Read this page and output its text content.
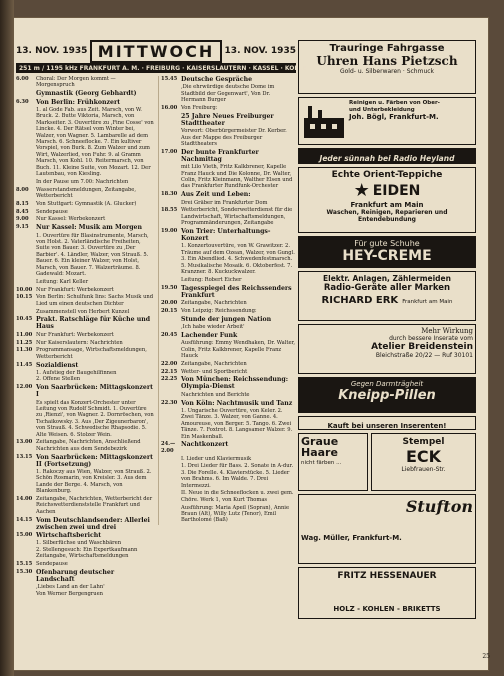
13. NOV. 1935 MITTWOCH	13. NOV. 1935
251 m / 1195 kHz FRANKFURT A. M. · FREIBURG · KAISERSLAUTERN · KASSEL · KOBLENZ · TRIER
6.00	Choral: Der Morgen kommt — Morgenspruch
Gymnastik (Georg Gebhardt)
6.30	Von Berlin: Frühkonzert
1. al Gode Fab. aus Zeit. Marsch, von W. Bruck. 2. Butte Viktoria, Marsch, von Markseiter. 3. Ouvertüre zu ‚Fine Cosse' von Lincke. 4. Der Rätsel vom Winter bei, Walzer, von Wagner. 5. Lambarelle ad dem Marsch. 6. Schneeflocke. 7. Ein kultiver Vorspiel, von Burk. 8. Zum Walzer und zum Wirt, Walzerlied, von Fuhr. 9. al Gramm Marsch, von Kohl. 10. Reitermarsch, von Buch. 11. Kleine Suite, von Mozart. 12. Der Lautenbau, von Kiesling.
In der Pause um 7.00: Nachrichten
8.00	Wasserstandsmeldungen, Zeitangabe, Wetterbericht
8.15	Von Stuttgart: Gymnastik (A. Glucker)
8.45	Sendepause
9.00	Nur Kassel: Werbekonzert
9.15	Nur Kassel: Musik am Morgen
1. Ouvertüre für Blasinstrumente, Marsch, von Holst. 2. Vaterländische Freiheiten, Suite von Bauer. 3. Ouvertüre zu ‚Der Barbier'. 4. Ländler, Walzer, von Strauß. 5. Bauer. 6. Ein kleiner Walzer, von Holst, Marsch, von Bauer. 7. Walzerträume. 8. Gadewald: Mozart.
Leitung: Karl Keller
10.00 Nur Frankfurt: Werbekonzert
10.15 Von Berlin: Schulfunk Iins: Sachs Musik und Lied um einen deutschen Dichter
Zusammenstell von Herbert Kunzel
10.45 Prakt. Ratschläge für Küche und Haus
11.00 Nur Frankfurt: Werbekonzert
11.25 Nur Kaiserslautern: Nachrichten
11.30 Programmansage, Wirtschaftsmeldungen, Wetterbericht
11.45 Sozialdienst
1. Aufstieg der Baugehilfinnen
2. Offene Stellen
12.00 Von Saarbrücken: Mittagskonzert I
Es spielt das Konzert-Orchester unter Leitung von Rudolf Schmidt. 1. Ouvertüre zu ‚Rienzi', von Wagner. 2. Dornröschen, von Tschaikowsky. 3. Aus ‚Der Zigeunerbaron', von Strauß. 4. Schwedische Rhapsodie. 5. Alte Weisen. 6. Stolzer Wein.
13.00 Zeitangabe, Nachrichten, Anschließend Nachrichten aus dem Sendebezirk
13.15 Von Saarbrücken: Mittagskonzert II (Fortsetzung)
1. Rakoczy aus Wien, Walzer, von Strauß. 2. Schön Rosmarin, von Kreisler. 3. Aus dem Lande der Berge. 4. Marsch, von Blankenburg.
14.00 Zeitangabe, Nachrichten, Wetterbericht der Reichswetterdienststelle Frankfurt und Aachen
14.15 Vom Deutschlandsender: Allerlei zwischen zwei und drei
15.00 Wirtschaftsbericht
1. Silberfüchse und Waschbären
2. Stellengesuch: Ein Expertkaufmann
Zeitangabe, Wirtschaftsmeldungen
15.15 Sendepause
15.30 Ofenbarung deutscher Landschaft
‚Liebes Land an der Lahn'
Von Werner Bergengruen
15.45 Deutsche Gespräche
‚Die ehrwürdige deutsche Dome im Stadtbild der Gegenwart', Von Dr. Hermann Burger
16.00 Von Freiburg:
25 Jahre Neues Freiburger Stadttheater
Vorwort: Oberbürgermeister Dr. Kerber. Aus der Mappe des Freiburger Stadttheaters
17.00 Der bunte Frankfurter Nachmittag
mit Lilo Vieth, Fritz Kalkbrener, Kapelle Franz Hauck und Die Kolonne, Dr. Walter, Colin, Fritz Kleinmann, Walther Elsen und das Frankfurter Rundfunk-Orchester
18.30 Aus Zeit und Leben:
Drei Gräber im Frankfurter Dom
18.55 Wetterbericht, Sonderwetterdienst für die Landwirtschaft, Wirtschaftsmeldungen, Programmänderungen, Zeitangabe
19.00 Von Trier: Unterhaltungs-Konzert
1. Konzertouvertüre, von W. Grawitzer. 2. Träume auf dem Ozean, Walzer, von Gungl. 3. Ein Abendlied. 4. Schwedenfestmarsch. 5. Musikalische Mosaik. 6. Oktoberfest. 7. Kranzner. 8. Kuckuckwalzer.
Leitung: Robert Eicher
19.50 Tagesspiegel des Reichssenders Frankfurt
20.00 Zeitangabe, Nachrichten
20.15 Von Leipzig: Reichssendung:
Stunde der jungen Nation
‚Ich habe wieder Arbeit'
20.45 Lachender Funk
Ausführung: Emmy Wendhaken, Dr. Walter, Colin, Fritz Kalkbrener, Kapelle Franz Hauck
22.00 Zeitangabe, Nachrichten
22.15 Wetter- und Sportbericht
22.25 Von München: Reichssendung: Olympia-Dienst
Nachrichten und Berichte
22.30 Von Köln: Nachtmusik und Tanz
1. Ungarische Ouvertüre, von Keler. 2. Zwei Tänze. 3. Walzer, von Ganne. 4. Amoureuse, von Berger. 5. Tango. 6. Zwei Tänze. 7. Foxtrot. 8. Langsamer Walzer. 9. Ein Maskenball.
24.—2.00
Nachtkonzert
I. Lieder und Klaviermusik
1. Drei Lieder für Bass. 2. Sonate in A-dur. 3. Die Forelle. 4. Klavierstücke. 5. Lieder von Brahms. 6. Im Walde. 7. Drei Intermezzi.
II. Neue in die Schneeflocken u. zwei gem. Chöre. Werk 1, von Kurt Thomas
Ausführung: Maria Apeil (Sopran), Annie Braun (Alt), Willy Lutz (Tenor), Emil Bartholomé (Baß)
Trauringe Fahrgasse
Uhren Hans Pietzsch
Gold- u. Silberwaren · Schmuck
Reinigen u. Färben von Ober-
und Unterbekleidung
Joh. Bögl, Frankfurt-M.
Jeder sünnah bei Radio Heyland
Echte Orient-Teppiche
★ EIDEN
Frankfurt am Main
Waschen, Reinigen, Reparieren und Entendebundung
Für gute Schuhe
HEY-CREME
Elektr. Anlagen, Zählermeiden
Radio-Geräte aller Marken
RICHARD ERK Frankfurt am Main
Mehr Wirkung
durch bessere Inserate vom
Atelier Breidenstein
Bleichstraße 20/22 — Ruf 30101
Gegen Darmträgheit
Kneipp-Pillen
Kauft bei unseren Inserenten!
Graue Haare
nicht färben ...
Stempel
ECK
Liebfrauen-Str.
Stufton
Wag. Müller, Frankfurt-M.
FRITZ HESSENAUER
HOLZ - KOHLEN - BRIKETTS
25
